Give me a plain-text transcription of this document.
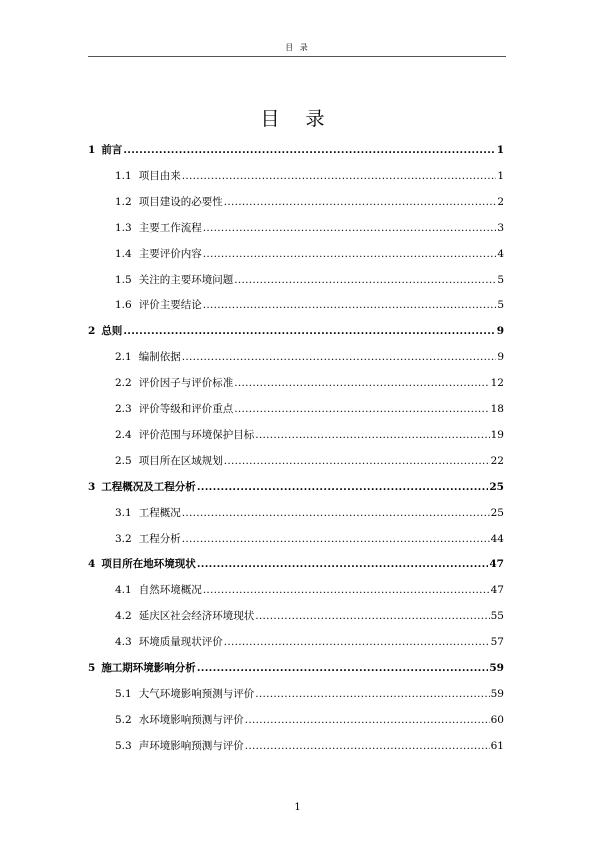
目 录
目 录
1 前言 .....	1
1.1 项目由来 .....	1
1.2 项目建设的必要性 .....	2
1.3 主要工作流程 .....	3
1.4 主要评价内容 .....	4
1.5 关注的主要环境问题 .....	5
1.6 评价主要结论 .....	5
2 总则 .....	9
2.1 编制依据 .....	9
2.2 评价因子与评价标准 .....	12
2.3 评价等级和评价重点 .....	18
2.4 评价范围与环境保护目标 .....	19
2.5 项目所在区域规划 .....	22
3 工程概况及工程分析 .....	25
3.1 工程概况 .....	25
3.2 工程分析 .....	44
4 项目所在地环境现状 .....	47
4.1 自然环境概况 .....	47
4.2 延庆区社会经济环境现状 .....	55
4.3 环境质量现状评价 .....	57
5 施工期环境影响分析 .....	59
5.1 大气环境影响预测与评价 .....	59
5.2 水环境影响预测与评价 .....	60
5.3 声环境影响预测与评价 .....	61
1
